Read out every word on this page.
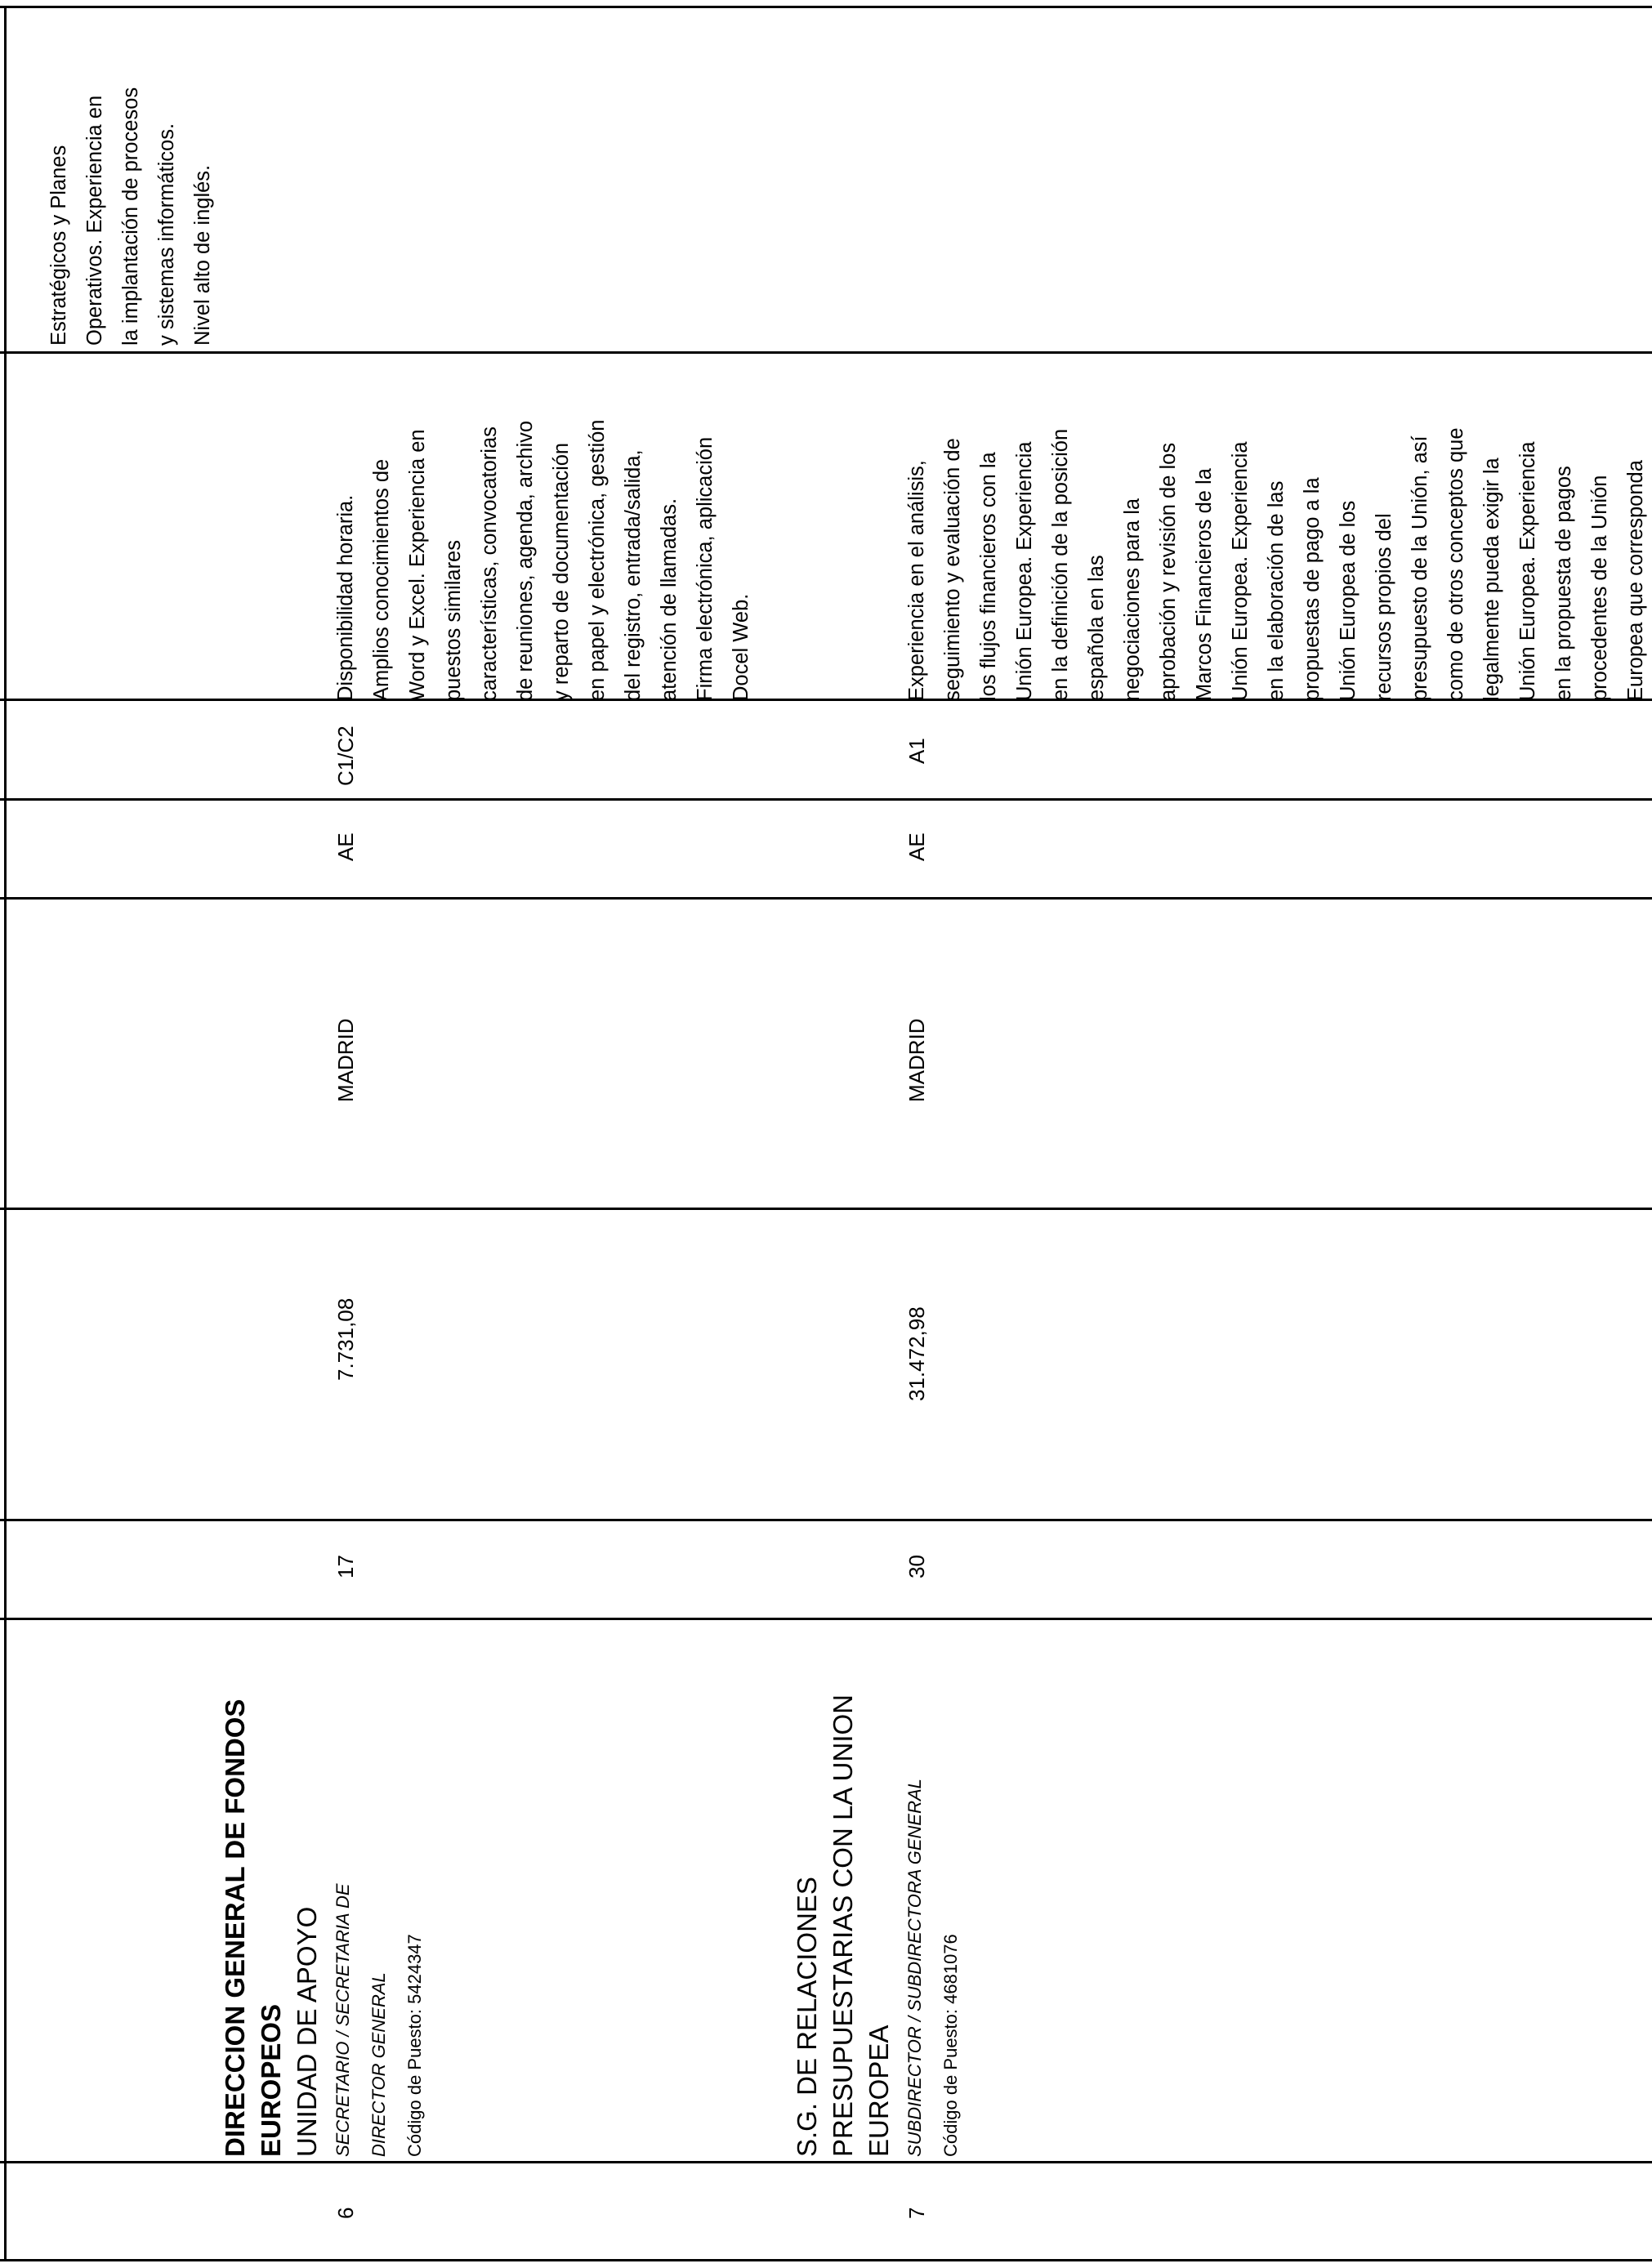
Estratégicos y Planes Operativos. Experiencia en la implantación de procesos y sistemas informáticos. Nivel alto de inglés.
6
DIRECCION GENERAL DE FONDOS EUROPEOS UNIDAD DE APOYO SECRETARIO / SECRETARIA DE DIRECTOR GENERAL Código de Puesto: 5424347
17
7.731,08
MADRID
AE
C1/C2
Disponibilidad horaria. Amplios conocimientos de Word y Excel. Experiencia en puestos similares características, convocatorias de reuniones, agenda, archivo y reparto de documentación en papel y electrónica, gestión del registro, entrada/salida, atención de llamadas. Firma electrónica, aplicación Docel Web.
7
S.G. DE RELACIONES PRESUPUESTARIAS CON LA UNION EUROPEA SUBDIRECTOR / SUBDIRECTORA GENERAL Código de Puesto: 4681076
30
31.472,98
MADRID
AE
A1
Experiencia en el análisis, seguimiento y evaluación de los flujos financieros con la Unión Europea. Experiencia en la definición de la posición española en las negociaciones para la aprobación y revisión de los Marcos Financieros de la Unión Europea. Experiencia en la elaboración de las propuestas de pago a la Unión Europea de los recursos propios del presupuesto de la Unión, así como de otros conceptos que legalmente pueda exigir la Unión Europea. Experiencia en la propuesta de pagos procedentes de la Unión Europea que corresponda
